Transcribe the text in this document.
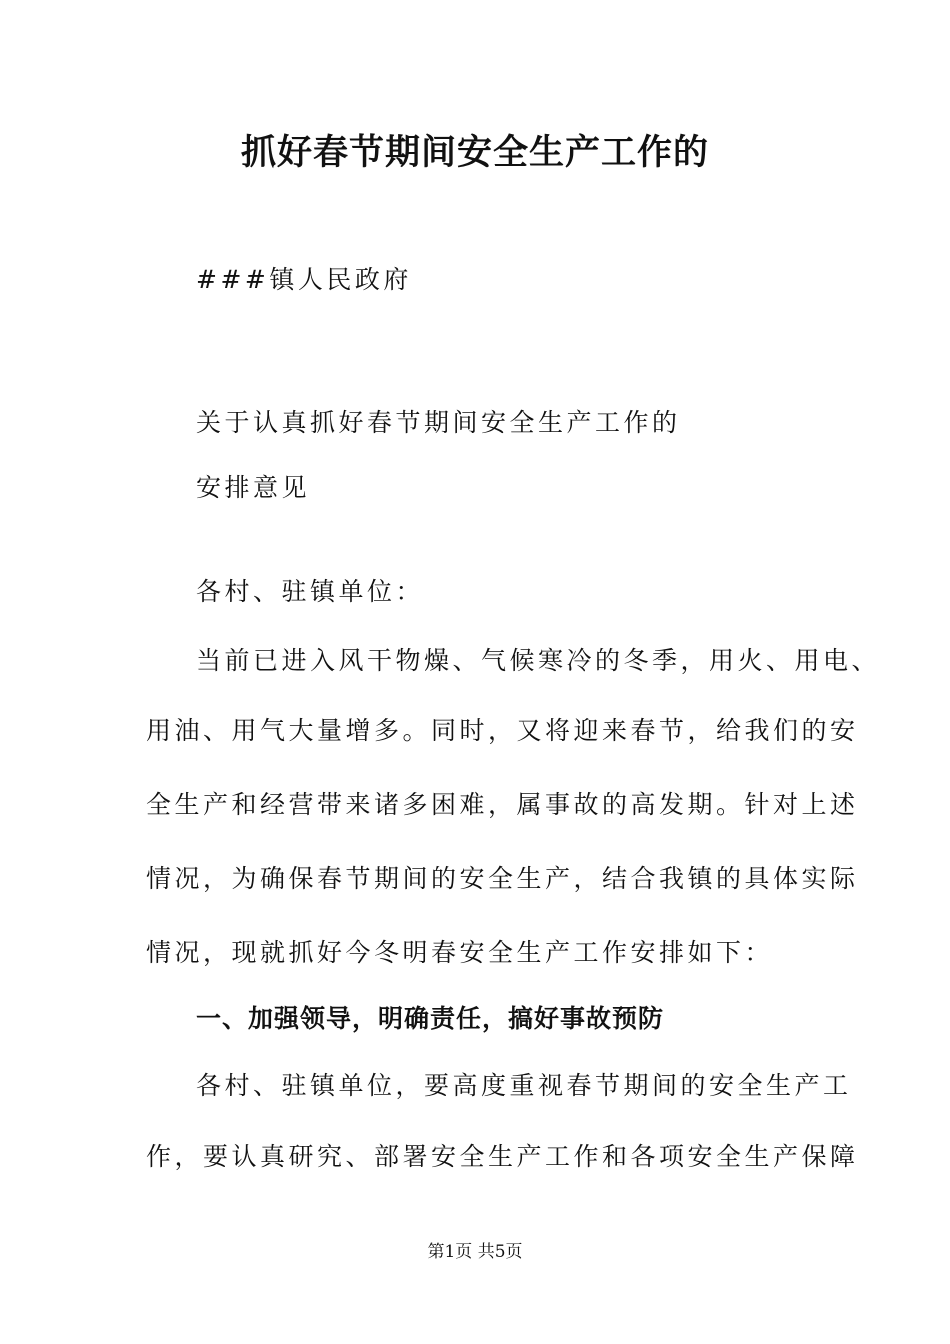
抓好春节期间安全生产工作的
###镇人民政府
关于认真抓好春节期间安全生产工作的
安排意见
各村、驻镇单位：
当前已进入风干物燥、气候寒冷的冬季，用火、用电、
用油、用气大量增多。同时，又将迎来春节，给我们的安
全生产和经营带来诸多困难，属事故的高发期。针对上述
情况，为确保春节期间的安全生产，结合我镇的具体实际
情况，现就抓好今冬明春安全生产工作安排如下：
一、加强领导，明确责任，搞好事故预防
各村、驻镇单位，要高度重视春节期间的安全生产工
作，要认真研究、部署安全生产工作和各项安全生产保障
第1页 共5页
